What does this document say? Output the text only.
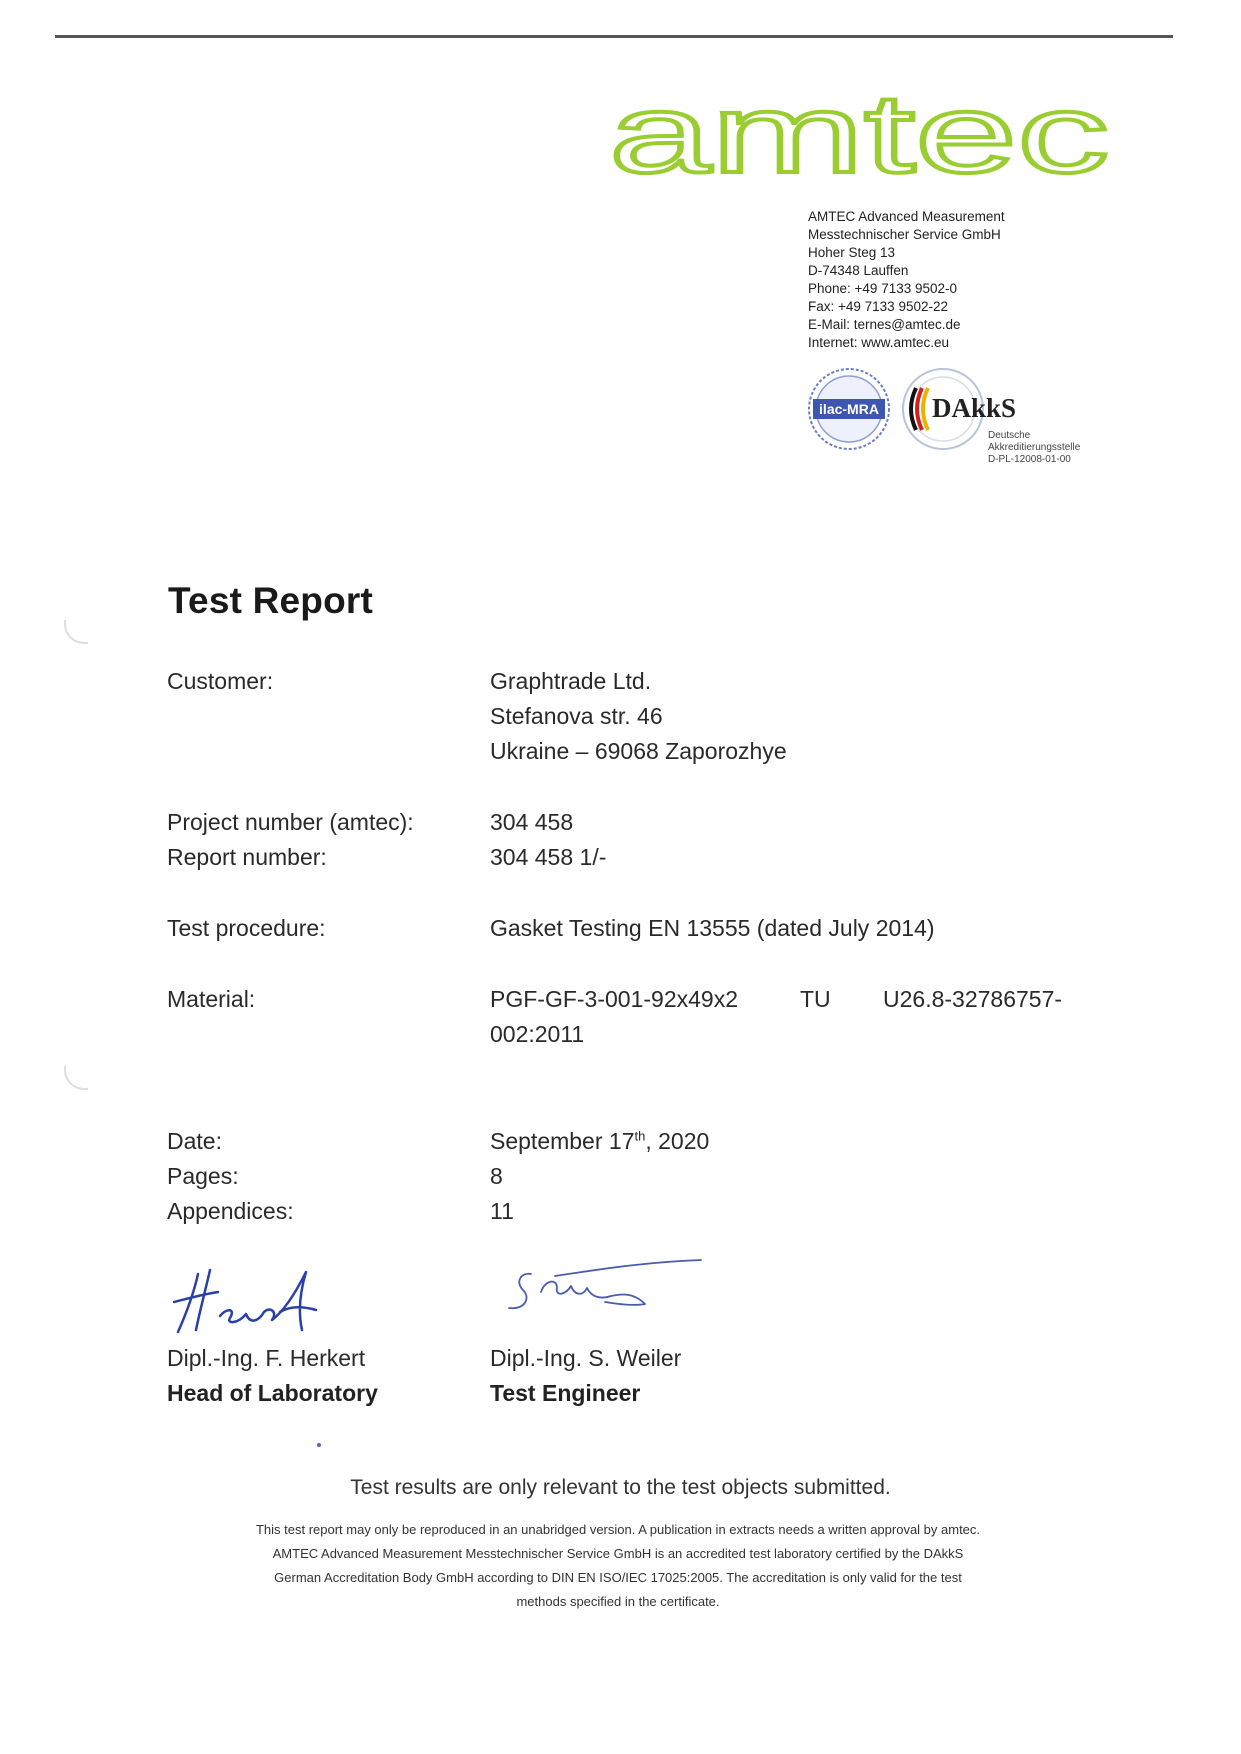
amtec
AMTEC Advanced Measurement
Messtechnischer Service GmbH
Hoher Steg 13
D-74348 Lauffen
Phone: +49 7133 9502-0
Fax: +49 7133 9502-22
E-Mail: ternes@amtec.de
Internet: www.amtec.eu
ilac-MRA DAkkS
Deutsche
Akkreditierungsstelle
D-PL-12008-01-00
Test Report
Customer:	Graphtrade Ltd.
Stefanova str. 46
Ukraine – 69068 Zaporozhye
Project number (amtec):	304 458
Report number:	304 458 1/-
Test procedure:	Gasket Testing EN 13555 (dated July 2014)
Material:	PGF-GF-3-001-92x49x2	TU U26.8-32786757-
002:2011
Date:	September 17th, 2020
Pages:	8
Appendices:	11
Dipl.-Ing. F. Herkert
Head of Laboratory
Dipl.-Ing. S. Weiler
Test Engineer
Test results are only relevant to the test objects submitted.
This test report may only be reproduced in an unabridged version. A publication in extracts needs a written approval by amtec.
AMTEC Advanced Measurement Messtechnischer Service GmbH is an accredited test laboratory certified by the DAkkS
German Accreditation Body GmbH according to DIN EN ISO/IEC 17025:2005. The accreditation is only valid for the test
methods specified in the certificate.
